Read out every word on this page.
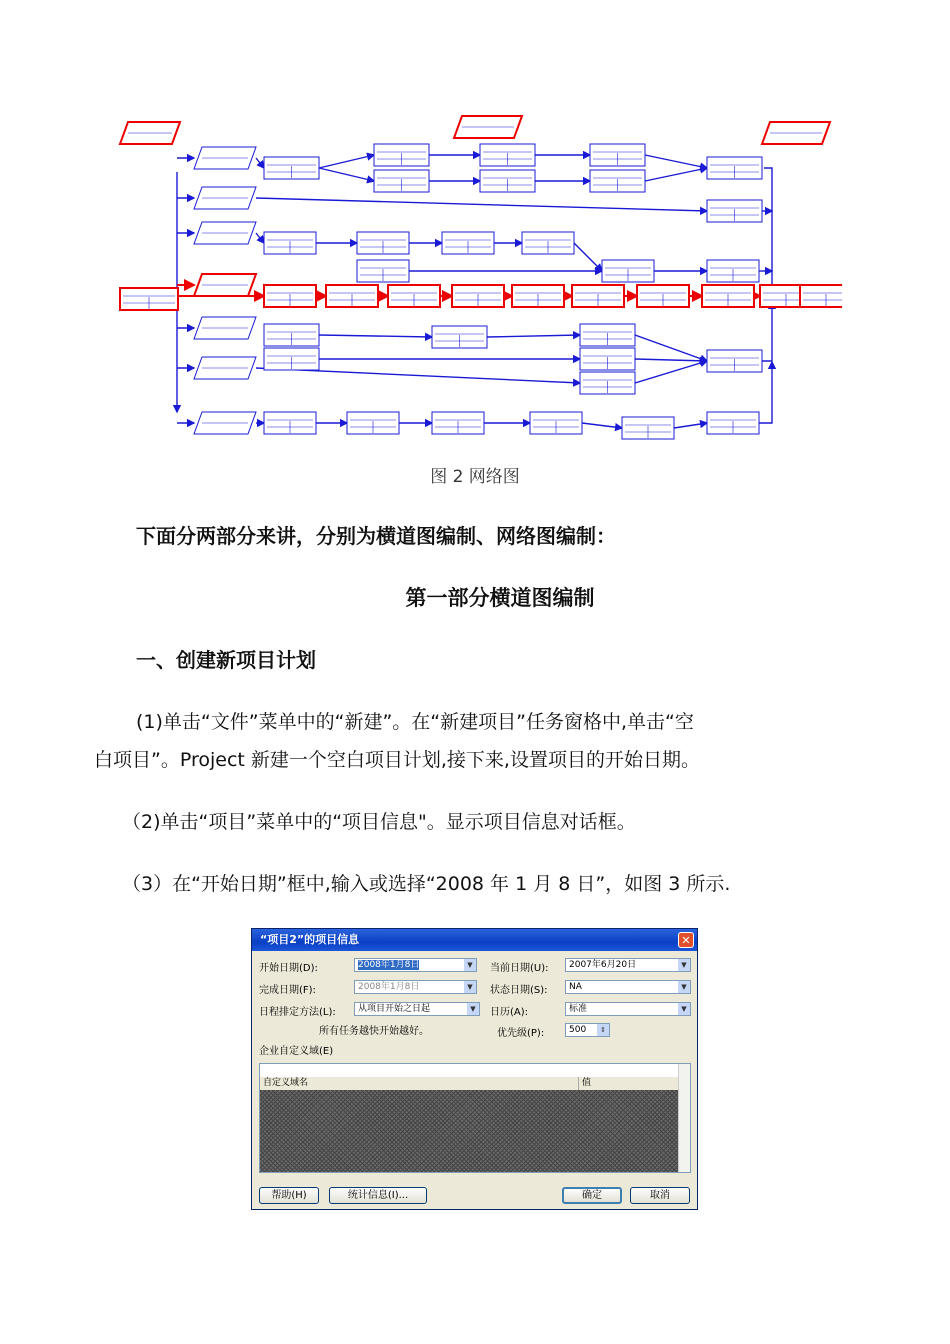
图 2 网络图
下面分两部分来讲，分别为横道图编制、网络图编制：
第一部分横道图编制
一、创建新项目计划
(1)单击“文件”菜单中的“新建”。在“新建项目”任务窗格中,单击“空
白项目”。Project 新建一个空白项目计划,接下来,设置项目的开始日期。
（2)单击“项目”菜单中的“项目信息"。显示项目信息对话框。
（3）在“开始日期”框中,输入或选择“2008 年 1 月 8 日”，如图 3 所示.
“项目2”的项目信息	✕
开始日期(D):	2008年1月8日	▼	当前日期(U):	2007年6月20日	▼
完成日期(F):	2008年1月8日	▼	状态日期(S):	NA	▼
日程排定方法(L):	从项目开始之日起	▼	日历(A):	标准	▼
所有任务越快开始越好。	优先级(P):	500	⇕
企业自定义域(E)
自定义域名	值
帮助(H)	统计信息(I)...	确定	取消
